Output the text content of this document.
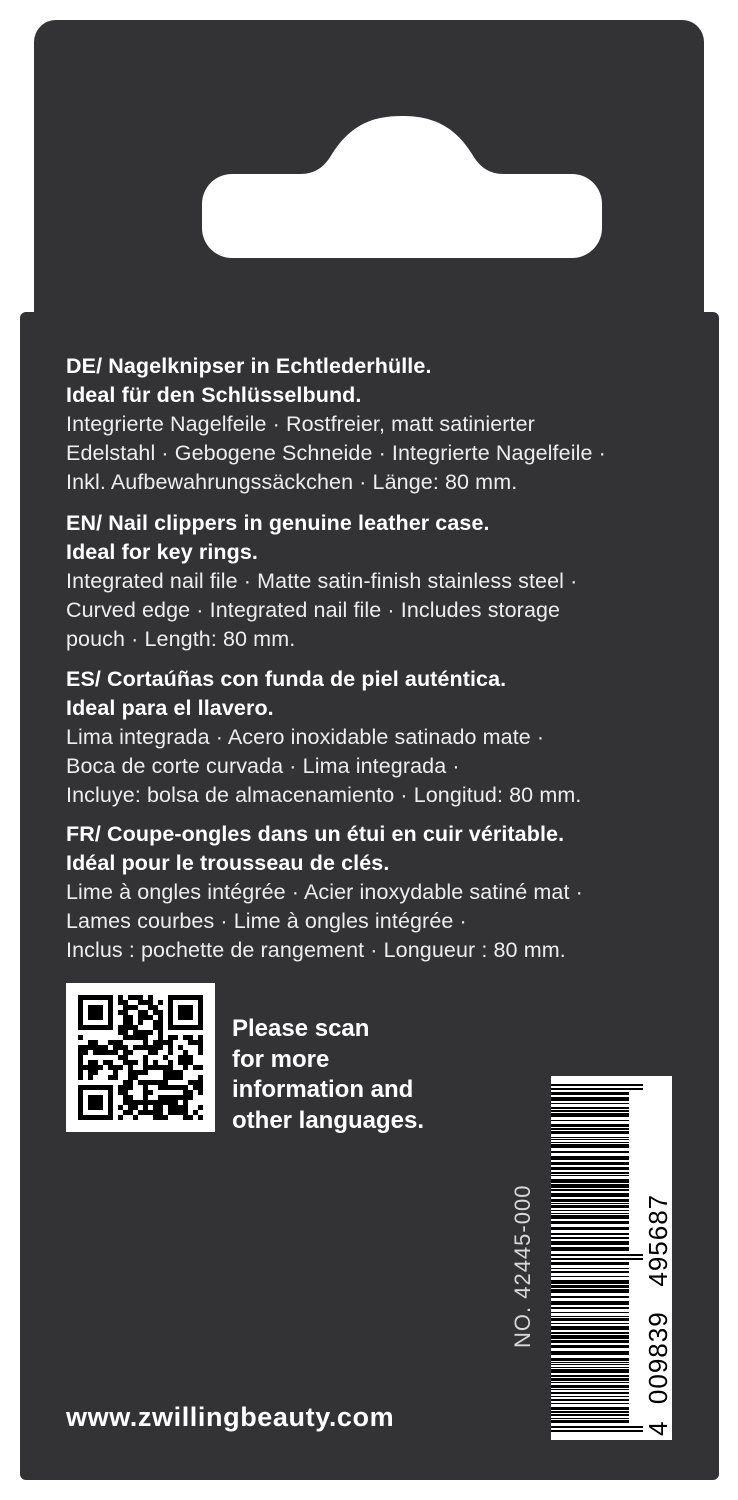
DE/ Nagelknipser in Echtlederhülle.
Ideal für den Schlüsselbund.
Integrierte Nagelfeile · Rostfreier, matt satinierter
Edelstahl · Gebogene Schneide · Integrierte Nagelfeile ·
Inkl. Aufbewahrungssäckchen · Länge: 80 mm.
EN/ Nail clippers in genuine leather case.
Ideal for key rings.
Integrated nail file · Matte satin-finish stainless steel ·
Curved edge · Integrated nail file · Includes storage
pouch · Length: 80 mm.
ES/ Cortaúñas con funda de piel auténtica.
Ideal para el llavero.
Lima integrada · Acero inoxidable satinado mate ·
Boca de corte curvada · Lima integrada ·
Incluye: bolsa de almacenamiento · Longitud: 80 mm.
FR/ Coupe-ongles dans un étui en cuir véritable.
Idéal pour le trousseau de clés.
Lime à ongles intégrée · Acier inoxydable satiné mat ·
Lames courbes · Lime à ongles intégrée ·
Inclus : pochette de rangement · Longueur : 80 mm.
Please scan
for more
information and
other languages.
NO. 42445-000
4  009839   495687
www.zwillingbeauty.com
